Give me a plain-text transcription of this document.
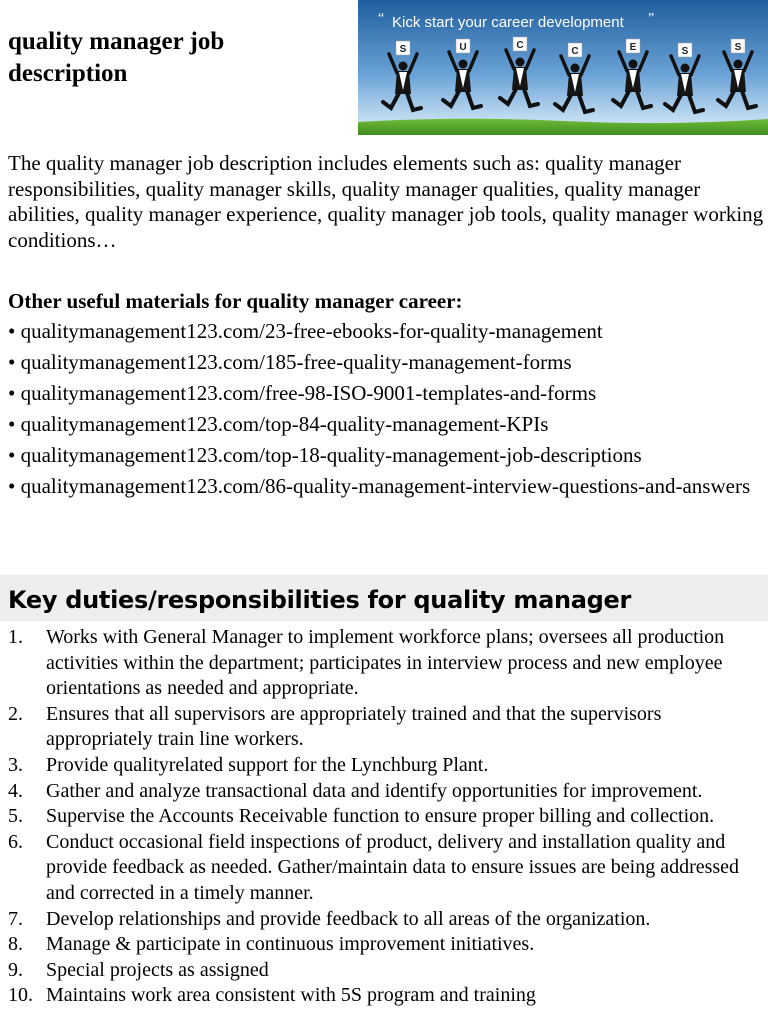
quality manager job description
“ Kick start your career development ”
S	U	C
C	E	S	S

The quality manager job description includes elements such as: quality manager responsibilities, quality manager skills, quality manager qualities, quality manager abilities, quality manager experience, quality manager job tools, quality manager working conditions…

Other useful materials for quality manager career:
• qualitymanagement123.com/23-free-ebooks-for-quality-management
• qualitymanagement123.com/185-free-quality-management-forms
• qualitymanagement123.com/free-98-ISO-9001-templates-and-forms
• qualitymanagement123.com/top-84-quality-management-KPIs
• qualitymanagement123.com/top-18-quality-management-job-descriptions
• qualitymanagement123.com/86-quality-management-interview-questions-and-answers
Key duties/responsibilities for quality manager
1.	Works with General Manager to implement workforce plans; oversees all production activities within the department; participates in interview process and new employee orientations as needed and appropriate.
2.	Ensures that all supervisors are appropriately trained and that the supervisors appropriately train line workers.
3.	Provide qualityrelated support for the Lynchburg Plant.
4.	Gather and analyze transactional data and identify opportunities for improvement.
5.	Supervise the Accounts Receivable function to ensure proper billing and collection.
6.	Conduct occasional field inspections of product, delivery and installation quality and provide feedback as needed. Gather/maintain data to ensure issues are being addressed and corrected in a timely manner.
7.	Develop relationships and provide feedback to all areas of the organization.
8.	Manage & participate in continuous improvement initiatives.
9.	Special projects as assigned
10. Maintains work area consistent with 5S program and training
